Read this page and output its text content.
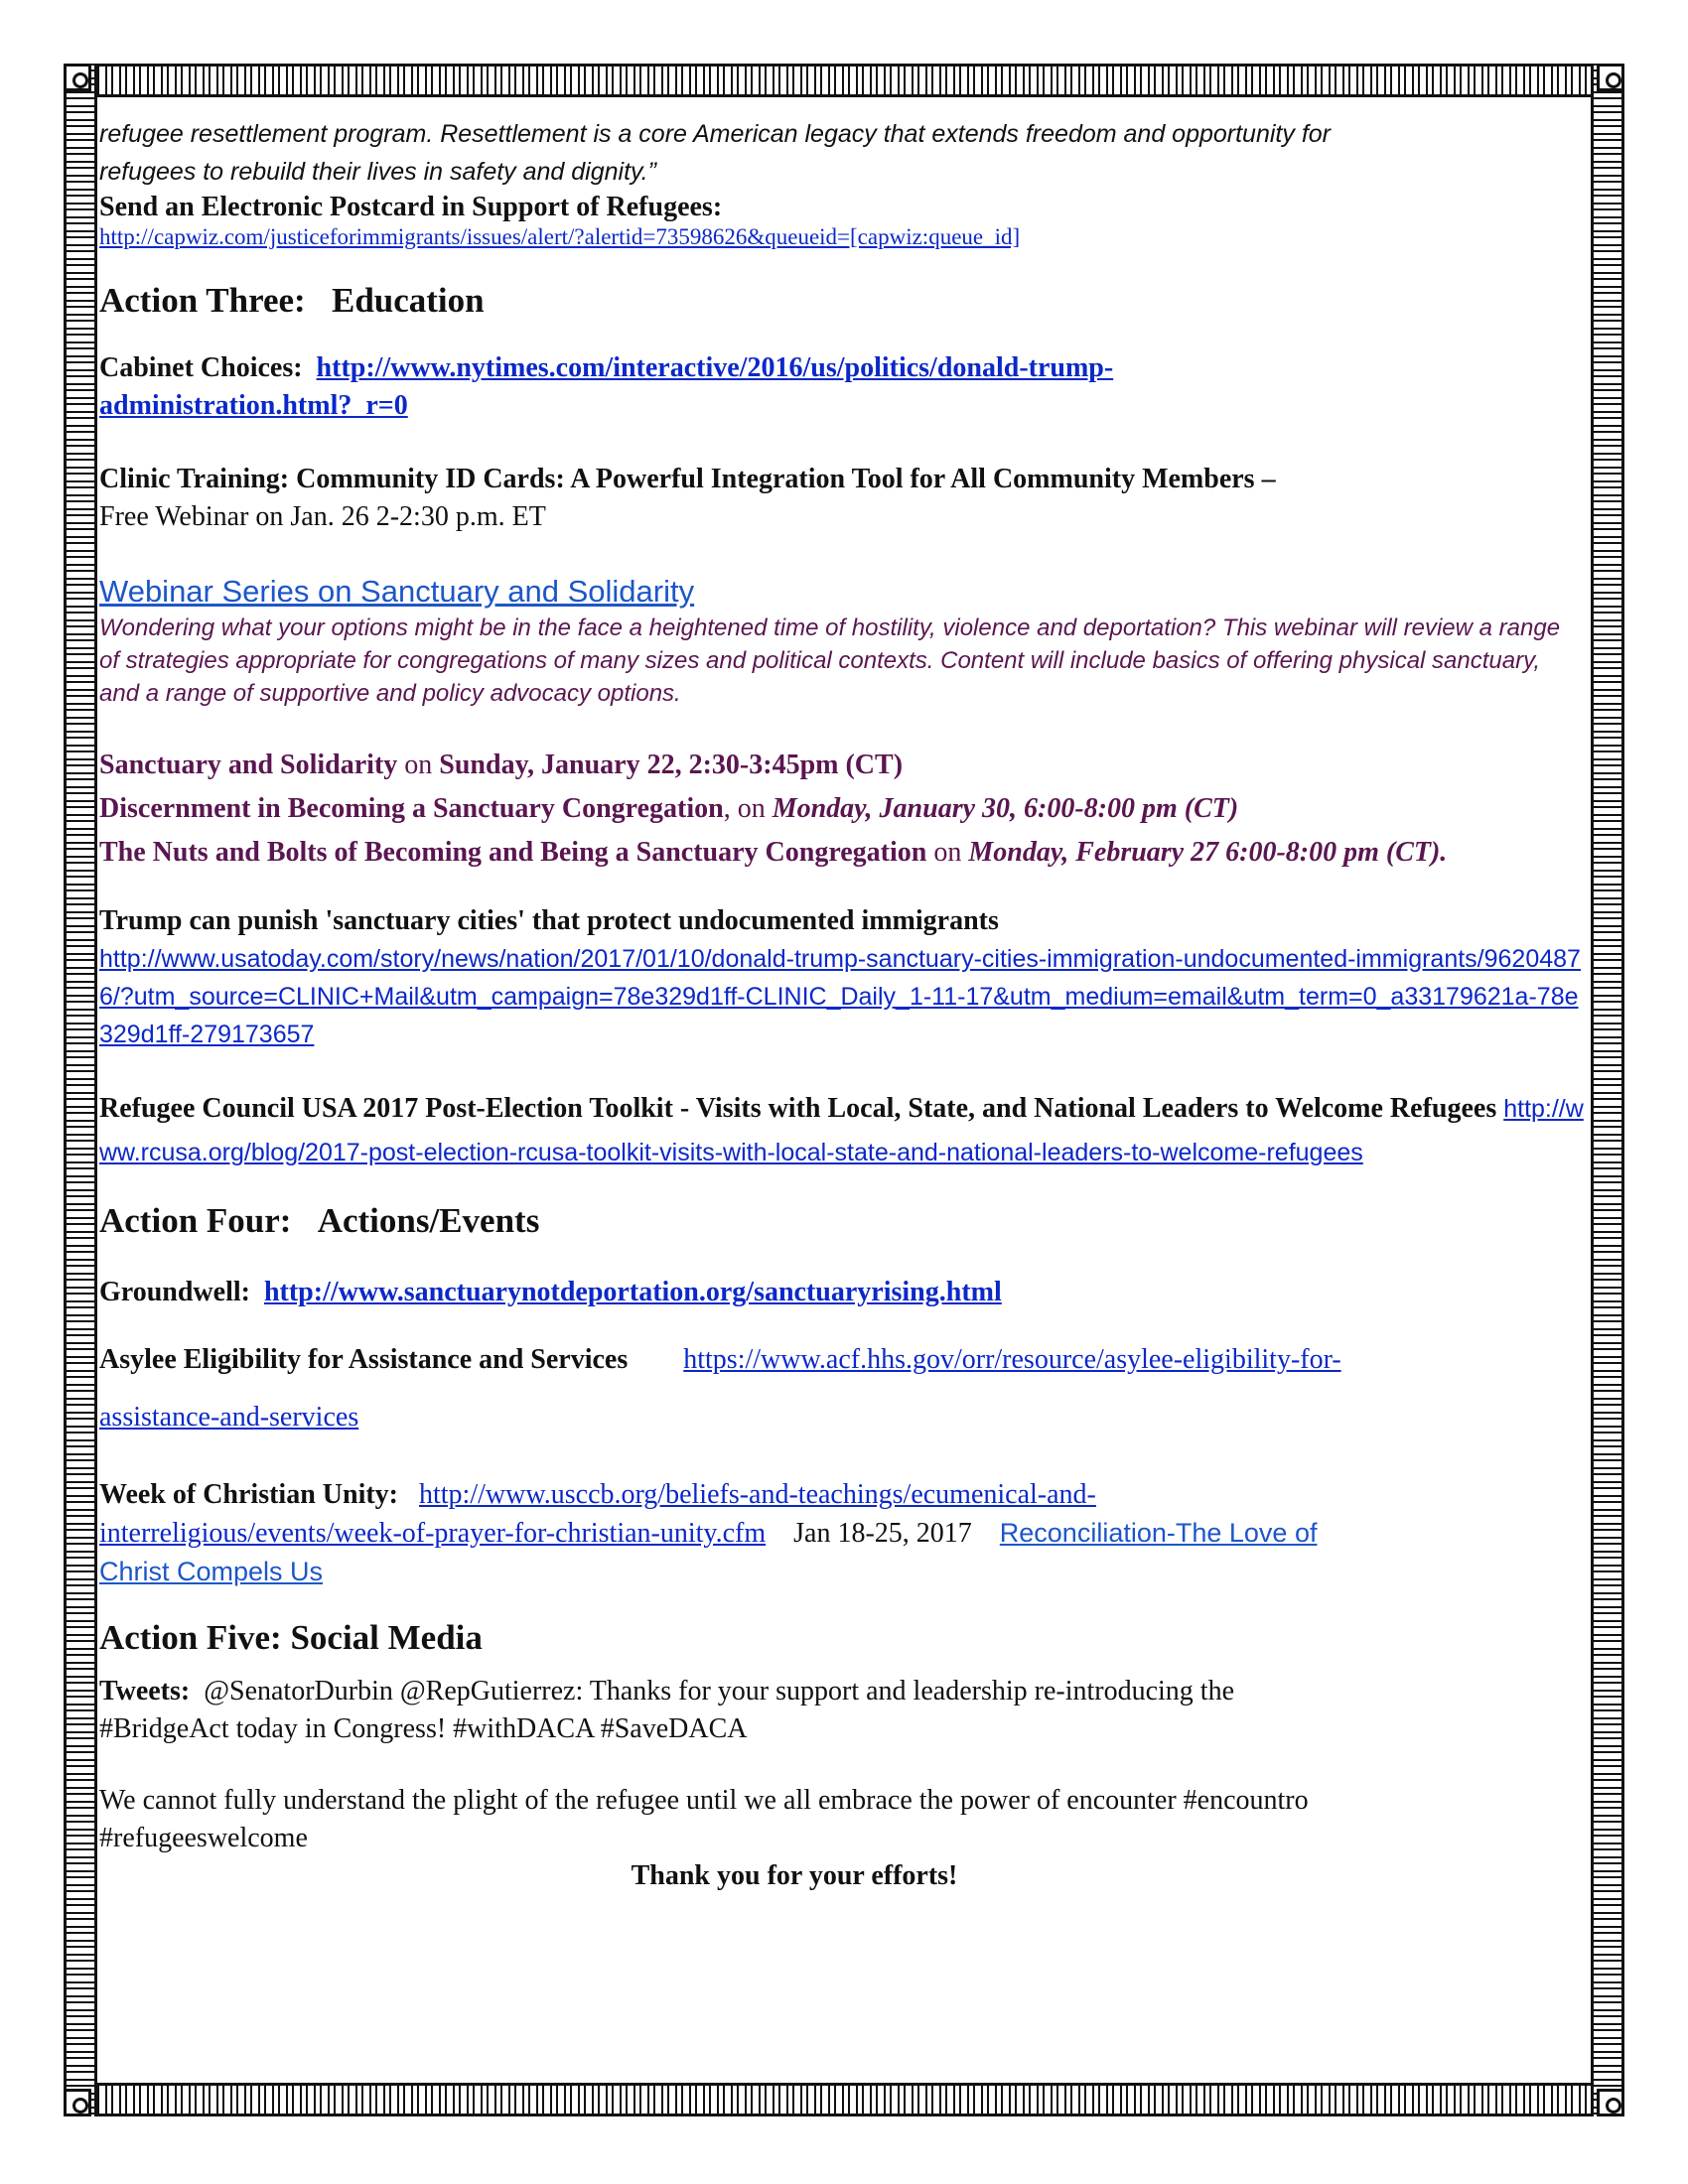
refugee resettlement program. Resettlement is a core American legacy that extends freedom and opportunity for
refugees to rebuild their lives in safety and dignity.”

Send an Electronic Postcard in Support of Refugees:

http://capwiz.com/justiceforimmigrants/issues/alert/?alertid=73598626&queueid=[capwiz:queue_id]

Action Three: Education

Cabinet Choices: http://www.nytimes.com/interactive/2016/us/politics/donald-trump-
administration.html?_r=0

Clinic Training: Community ID Cards: A Powerful Integration Tool for All Community Members –
Free Webinar on Jan. 26 2-2:30 p.m. ET

Webinar Series on Sanctuary and Solidarity

Wondering what your options might be in the face a heightened time of hostility, violence and deportation? This webinar will review a range of strategies appropriate for congregations of many sizes and political contexts. Content will include basics of offering physical sanctuary, and a range of supportive and policy advocacy options.

Sanctuary and Solidarity on Sunday, January 22, 2:30-3:45pm (CT)

Discernment in Becoming a Sanctuary Congregation, on Monday, January 30, 6:00-8:00 pm (CT)

The Nuts and Bolts of Becoming and Being a Sanctuary Congregation on Monday, February 27 6:00-8:00 pm (CT).

Trump can punish 'sanctuary cities' that protect undocumented immigrants

http://www.usatoday.com/story/news/nation/2017/01/10/donald-trump-sanctuary-cities-immigration-undocumented-immigrants/96204876/?utm_source=CLINIC+Mail&utm_campaign=78e329d1ff-CLINIC_Daily_1-11-17&utm_medium=email&utm_term=0_a33179621a-78e329d1ff-279173657

Refugee Council USA 2017 Post-Election Toolkit - Visits with Local, State, and National Leaders to Welcome Refugees http://www.rcusa.org/blog/2017-post-election-rcusa-toolkit-visits-with-local-state-and-national-leaders-to-welcome-refugees

Action Four: Actions/Events

Groundwell: http://www.sanctuarynotdeportation.org/sanctuaryrising.html

Asylee Eligibility for Assistance and Services https://www.acf.hhs.gov/orr/resource/asylee-eligibility-for-
assistance-and-services

Week of Christian Unity: http://www.usccb.org/beliefs-and-teachings/ecumenical-and-
interreligious/events/week-of-prayer-for-christian-unity.cfm Jan 18-25, 2017 Reconciliation-The Love of
Christ Compels Us

Action Five: Social Media

Tweets: @SenatorDurbin @RepGutierrez: Thanks for your support and leadership re-introducing the
#BridgeAct today in Congress! #withDACA #SaveDACA

We cannot fully understand the plight of the refugee until we all embrace the power of encounter #encountro
#refugeeswelcome

Thank you for your efforts!
